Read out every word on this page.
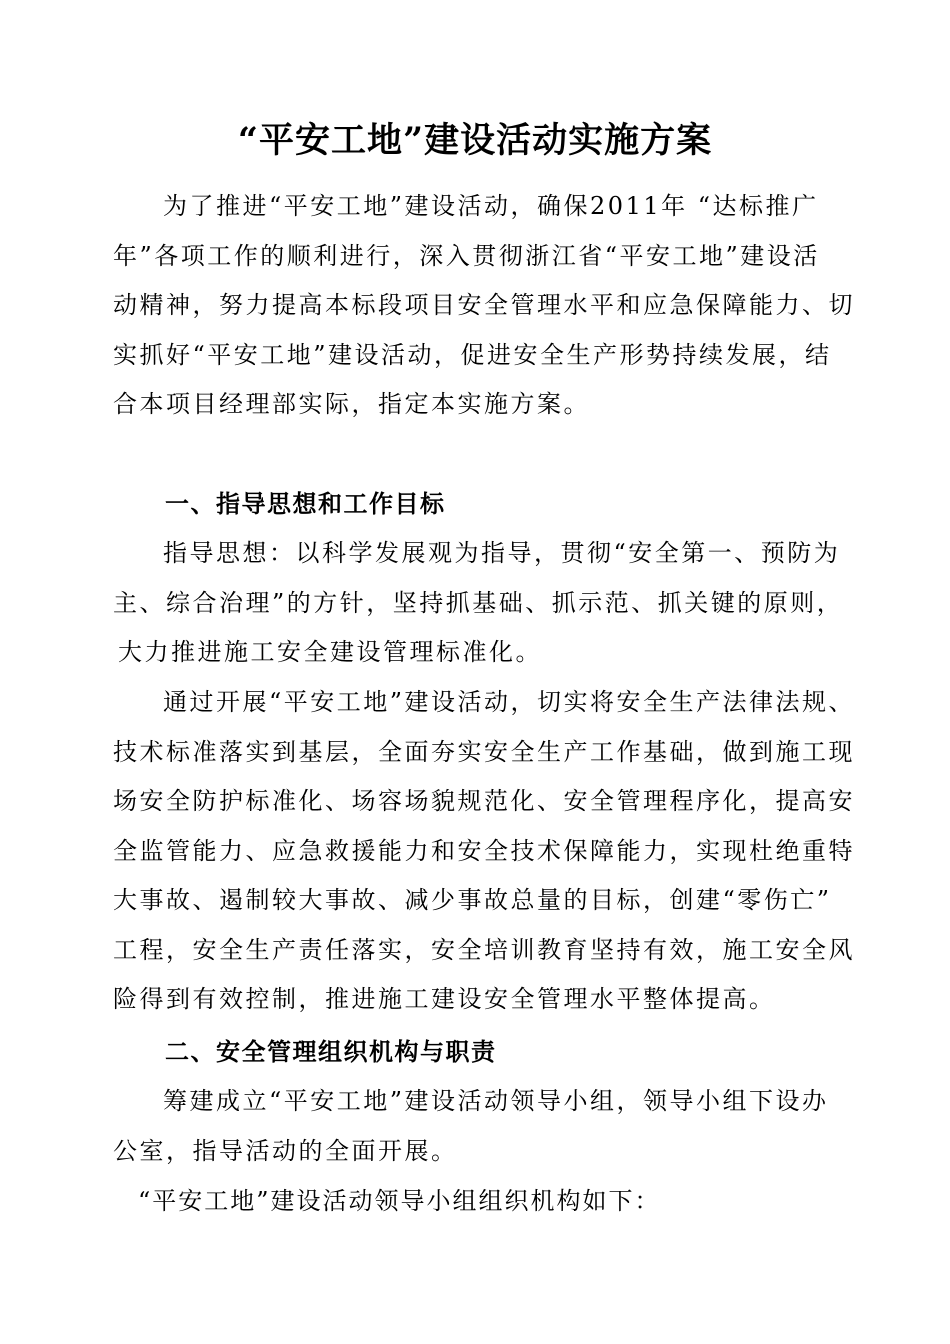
“平安工地”建设活动实施方案

为了推进“平安工地”建设活动，确保2011年 “达标推广
年”各项工作的顺利进行，深入贯彻浙江省“平安工地”建设活
动精神，努力提高本标段项目安全管理水平和应急保障能力、切
实抓好“平安工地”建设活动，促进安全生产形势持续发展，结
合本项目经理部实际，指定本实施方案。

一、指导思想和工作目标

指导思想：以科学发展观为指导，贯彻“安全第一、预防为
主、综合治理”的方针，坚持抓基础、抓示范、抓关键的原则，
大力推进施工安全建设管理标准化。

通过开展“平安工地”建设活动，切实将安全生产法律法规、
技术标准落实到基层，全面夯实安全生产工作基础，做到施工现
场安全防护标准化、场容场貌规范化、安全管理程序化，提高安
全监管能力、应急救援能力和安全技术保障能力，实现杜绝重特
大事故、遏制较大事故、减少事故总量的目标，创建“零伤亡”
工程，安全生产责任落实，安全培训教育坚持有效，施工安全风
险得到有效控制，推进施工建设安全管理水平整体提高。

二、安全管理组织机构与职责

筹建成立“平安工地”建设活动领导小组，领导小组下设办
公室，指导活动的全面开展。

“平安工地”建设活动领导小组组织机构如下：
